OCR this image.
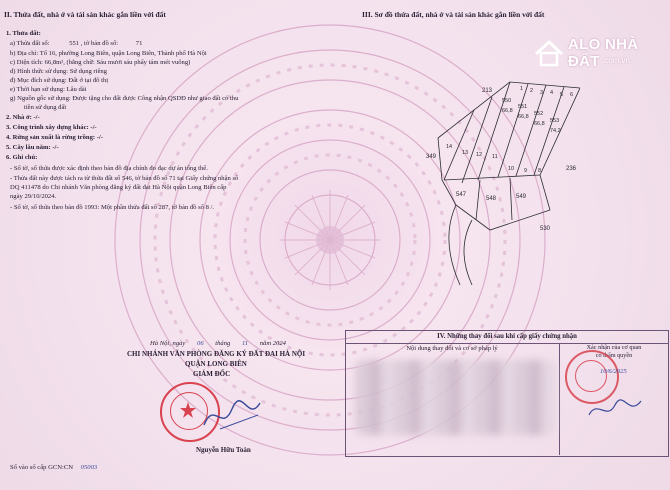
ALO NHÀ ĐẤT .com.vn
II. Thửa đất, nhà ở và tài sản khác gắn liền với đất
1. Thửa đất:
a) Thửa đất số:	551 , tờ bản đồ số:	71
b) Địa chỉ: Tổ 16, phường Long Biên, quận Long Biên, Thành phố Hà Nội
c) Diện tích: 66,8m², (bằng chữ: Sáu mươi sáu phẩy tám mét vuông)
d) Hình thức sử dụng: Sử dụng riêng
đ) Mục đích sử dụng: Đất ở tại đô thị
e) Thời hạn sử dụng: Lâu dài
g) Nguồn gốc sử dụng: Được tặng cho đất được Công nhận QSDĐ như giao đất có thu
tiền sử dụng đất
2. Nhà ở: -/-
3. Công trình xây dựng khác: -/-
4. Rừng sản xuất là rừng trồng: -/-
5. Cây lâu năm: -/-
6. Ghi chú:
- Số tờ, số thửa được xác định theo bản đồ địa chính đo đạc dự án tổng thể.
- Thửa đất này được tách ra từ thửa đất số 546, tờ bản đồ số 71 tại Giấy chứng nhận số
DQ 411478 do Chi nhánh Văn phòng đăng ký đất đai Hà Nội quận Long Biên cấp
ngày 29/10/2024.
- Số tờ, số thửa theo bản đồ 1993: Một phần thửa đất số 287, tờ bản đồ số 8 /.
III. Sơ đồ thửa đất, nhà ở và tài sản khác gắn liền với đất
213
550
66,8
551
66,8 552
66,8 553
74,2
349
236
547
548	549
530
14
13 12 11
10 9 8
1 2 3 4 5 6
Hà Nội, ngày 06 tháng 11 năm 2024
CHI NHÁNH VĂN PHÒNG ĐĂNG KÝ ĐẤT ĐAI HÀ NỘI
QUẬN LONG BIÊN
GIÁM ĐỐC
Nguyễn Hữu Toàn
Số vào sổ cấp GCN:CN 05003
IV. Những thay đổi sau khi cấp giấy chứng nhận
Nội dung thay đổi và cơ sở pháp lý	Xác nhận của cơ quan
có thẩm quyền
10/6/2025
